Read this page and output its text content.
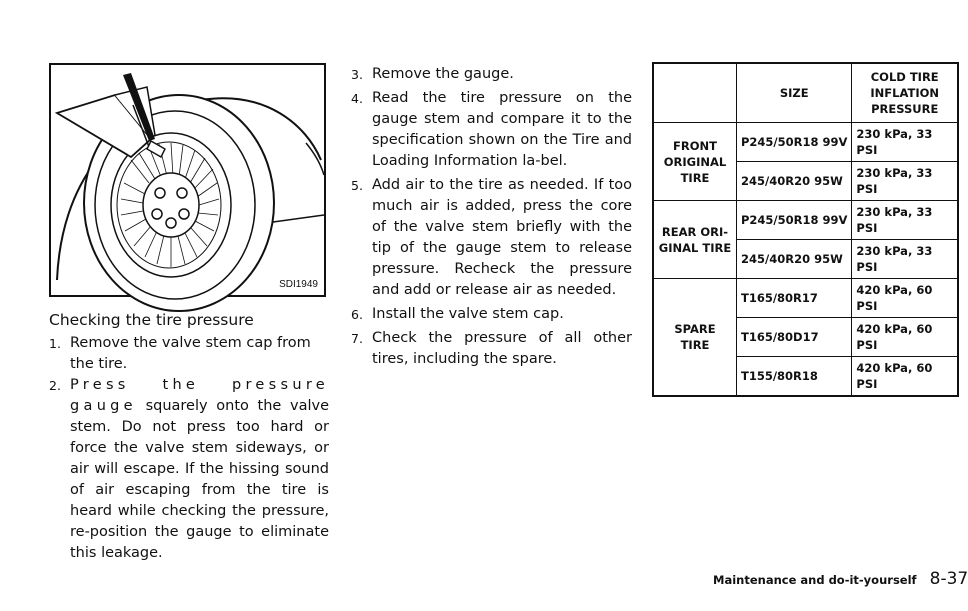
SDI1949
Checking the tire pressure
1. Remove the valve stem cap from the tire.
2. Press the pressure gauge squarely onto the valve stem. Do not press too hard or force the valve stem sideways, or air will escape. If the hissing sound of air escaping from the tire is heard while checking the pressure, re-position the gauge to eliminate this leakage.
3. Remove the gauge.
4. Read the tire pressure on the gauge stem and compare it to the specification shown on the Tire and Loading Information la-bel.
5. Add air to the tire as needed. If too much air is added, press the core of the valve stem briefly with the tip of the gauge stem to release pressure. Recheck the pressure and add or release air as needed.
6. Install the valve stem cap.
7. Check the pressure of all other tires, including the spare.
	SIZE	COLD TIRE INFLATION PRESSURE
FRONT ORIGINAL TIRE	P245/50R18 99V	230 kPa, 33 PSI
	245/40R20 95W	230 kPa, 33 PSI
REAR ORI-GINAL TIRE	P245/50R18 99V	230 kPa, 33 PSI
	245/40R20 95W	230 kPa, 33 PSI
SPARE TIRE	T165/80R17	420 kPa, 60 PSI
	T165/80D17	420 kPa, 60 PSI
	T155/80R18	420 kPa, 60 PSI
Maintenance and do-it-yourself 8-37
